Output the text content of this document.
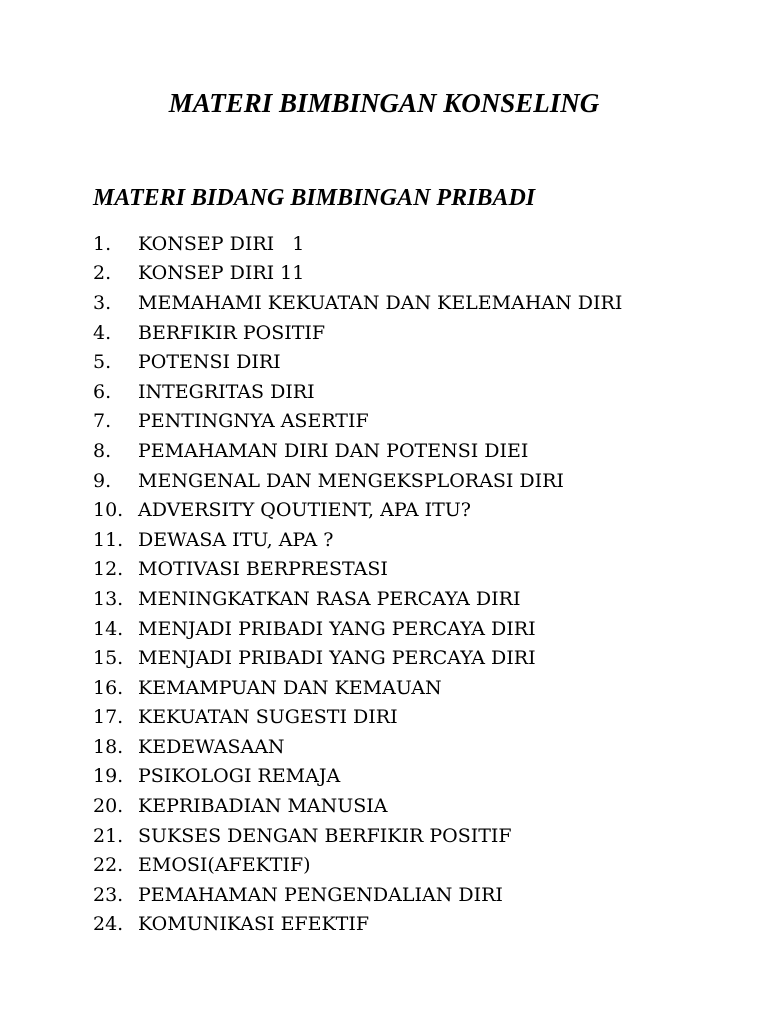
MATERI BIMBINGAN KONSELING
MATERI BIDANG BIMBINGAN PRIBADI
1.	KONSEP DIRI   1
2.	KONSEP DIRI 11
3.	MEMAHAMI KEKUATAN DAN KELEMAHAN DIRI
4.	BERFIKIR POSITIF
5.	POTENSI DIRI
6.	INTEGRITAS DIRI
7.	PENTINGNYA ASERTIF
8.	PEMAHAMAN DIRI DAN POTENSI DIEI
9.	MENGENAL DAN MENGEKSPLORASI DIRI
10. ADVERSITY QOUTIENT, APA ITU?
11. DEWASA ITU, APA ?
12. MOTIVASI BERPRESTASI
13. MENINGKATKAN RASA PERCAYA DIRI
14. MENJADI PRIBADI YANG PERCAYA DIRI
15. MENJADI PRIBADI YANG PERCAYA DIRI
16. KEMAMPUAN DAN KEMAUAN
17. KEKUATAN SUGESTI DIRI
18. KEDEWASAAN
19. PSIKOLOGI REMAJA
20. KEPRIBADIAN MANUSIA
21. SUKSES DENGAN BERFIKIR POSITIF
22. EMOSI(AFEKTIF)
23. PEMAHAMAN PENGENDALIAN DIRI
24. KOMUNIKASI EFEKTIF
